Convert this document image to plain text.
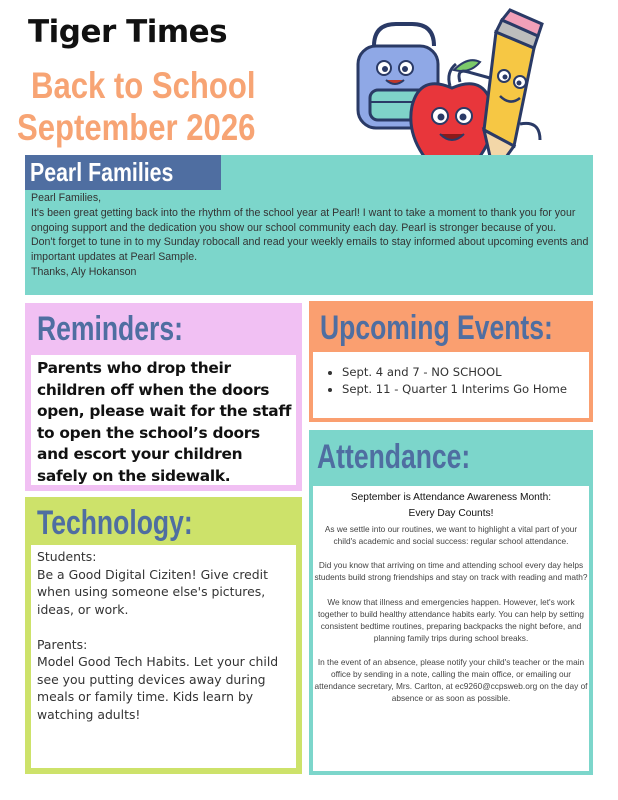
Tiger Times
Back to School
September 2026
Pearl Families

Pearl Families,

It's been great getting back into the rhythm of the school year at Pearl! I want to take a moment to thank you for your ongoing support and the dedication you show our school community each day. Pearl is stronger because of you.

Don't forget to tune in to my Sunday robocall and read your weekly emails to stay informed about upcoming events and important updates at Pearl Sample.

Thanks, Aly Hokanson

Reminders:
Parents who drop their children off when the doors open, please wait for the staff to open the school’s doors and escort your children safely on the sidewalk.
Technology:

Students:

Be a Good Digital Ciziten! Give credit when using someone else's pictures, ideas, or work.

Parents:

Model Good Tech Habits. Let your child see you putting devices away during meals or family time. Kids learn by watching adults!

Upcoming Events:
• Sept. 4 and 7 - NO SCHOOL
• Sept. 11 - Quarter 1 Interims Go Home
Attendance:

September is Attendance Awareness Month:
Every Day Counts!

As we settle into our routines, we want to highlight a vital part of your child's academic and social success: regular school attendance.

Did you know that arriving on time and attending school every day helps students build strong friendships and stay on track with reading and math?

We know that illness and emergencies happen. However, let's work together to build healthy attendance habits early. You can help by setting consistent bedtime routines, preparing backpacks the night before, and planning family trips during school breaks.

In the event of an absence, please notify your child's teacher or the main office by sending in a note, calling the main office, or emailing our attendance secretary, Mrs. Carlton, at ec9260@ccpsweb.org on the day of absence or as soon as possible.
